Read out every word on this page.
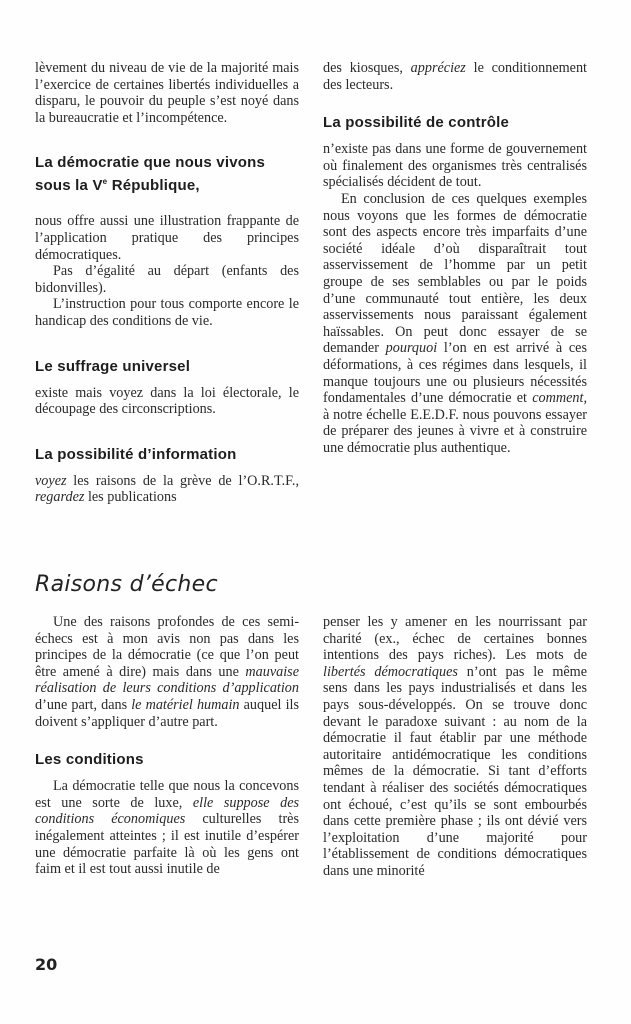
lèvement du niveau de vie de la majorité mais l’exercice de certaines libertés individuelles a disparu, le pouvoir du peuple s’est noyé dans la bureaucratie et l’incompétence.

La démocratie que nous vivons sous la Ve République,

nous offre aussi une illustration frappante de l’application pratique des principes démocratiques.

Pas d’égalité au départ (enfants des bidonvilles).

L’instruction pour tous comporte encore le handicap des conditions de vie.

Le suffrage universel

existe mais voyez dans la loi électorale, le découpage des circonscriptions.

La possibilité d’information

voyez les raisons de la grève de l’O.R.T.F., regardez les publications

des kiosques, appréciez le conditionnement des lecteurs.

La possibilité de contrôle

n’existe pas dans une forme de gouvernement où finalement des organismes très centralisés spécialisés décident de tout.

En conclusion de ces quelques exemples nous voyons que les formes de démocratie sont des aspects encore très imparfaits d’une société idéale d’où disparaîtrait tout asservissement de l’homme par un petit groupe de ses semblables ou par le poids d’une communauté tout entière, les deux asservissements nous paraissant également haïssables. On peut donc essayer de se demander pourquoi l’on en est arrivé à ces déformations, à ces régimes dans lesquels, il manque toujours une ou plusieurs nécessités fondamentales d’une démocratie et comment, à notre échelle E.E.D.F. nous pouvons essayer de préparer des jeunes à vivre et à construire une démocratie plus authentique.

Raisons d’échec

Une des raisons profondes de ces semi-échecs est à mon avis non pas dans les principes de la démocratie (ce que l’on peut être amené à dire) mais dans une mauvaise réalisation de leurs conditions d’application d’une part, dans le matériel humain auquel ils doivent s’appliquer d’autre part.

Les conditions

La démocratie telle que nous la concevons est une sorte de luxe, elle suppose des conditions économiques culturelles très inégalement atteintes ; il est inutile d’espérer une démocratie parfaite là où les gens ont faim et il est tout aussi inutile de

penser les y amener en les nourrissant par charité (ex., échec de certaines bonnes intentions des pays riches). Les mots de libertés démocratiques n’ont pas le même sens dans les pays industrialisés et dans les pays sous-développés. On se trouve donc devant le paradoxe suivant : au nom de la démocratie il faut établir par une méthode autoritaire antidémocratique les conditions mêmes de la démocratie. Si tant d’efforts tendant à réaliser des sociétés démocratiques ont échoué, c’est qu’ils se sont embourbés dans cette première phase ; ils ont dévié vers l’exploitation d’une majorité pour l’établissement de conditions démocratiques dans une minorité

20
